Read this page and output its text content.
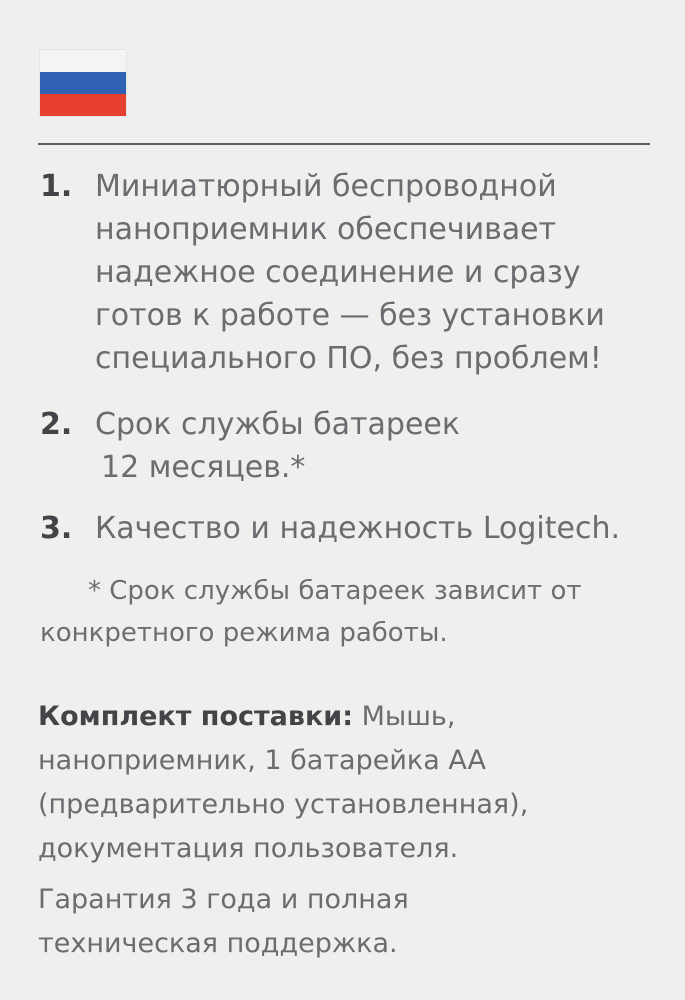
1. Миниатюрный беспроводной
наноприемник обеспечивает
надежное соединение и сразу
готов к работе — без установки
специального ПО, без проблем!
2. Срок службы батареек
12 месяцев.*
3. Качество и надежность Logitech.
* Срок службы батареек зависит от
конкретного режима работы.
Комплект поставки: Мышь,
наноприемник, 1 батарейка AA
(предварительно установленная),
документация пользователя.
Гарантия 3 года и полная
техническая поддержка.
